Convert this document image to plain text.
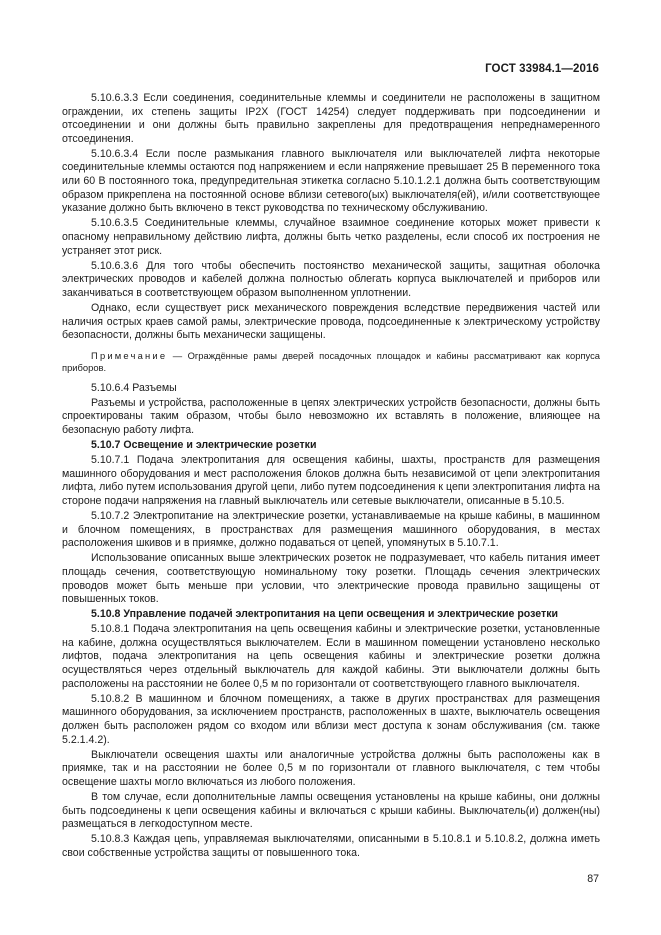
ГОСТ 33984.1—2016

5.10.6.3.3 Если соединения, соединительные клеммы и соединители не расположены в защитном ограждении, их степень защиты IP2X (ГОСТ 14254) следует поддерживать при подсоединении и отсоединении и они должны быть правильно закреплены для предотвращения непреднамеренного отсоединения.

5.10.6.3.4 Если после размыкания главного выключателя или выключателей лифта некоторые соединительные клеммы остаются под напряжением и если напряжение превышает 25 В переменного тока или 60 В постоянного тока, предупредительная этикетка согласно 5.10.1.2.1 должна быть соответствующим образом прикреплена на постоянной основе вблизи сетевого(ых) выключателя(ей), и/или соответствующее указание должно быть включено в текст руководства по техническому обслуживанию.

5.10.6.3.5 Соединительные клеммы, случайное взаимное соединение которых может привести к опасному неправильному действию лифта, должны быть четко разделены, если способ их построения не устраняет этот риск.

5.10.6.3.6 Для того чтобы обеспечить постоянство механической защиты, защитная оболочка электрических проводов и кабелей должна полностью облегать корпуса выключателей и приборов или заканчиваться в соответствующем образом выполненном уплотнении.

Однако, если существует риск механического повреждения вследствие передвижения частей или наличия острых краев самой рамы, электрические провода, подсоединенные к электрическому устройству безопасности, должны быть механически защищены.

Примечание — Ограждённые рамы дверей посадочных площадок и кабины рассматривают как корпуса приборов.

5.10.6.4 Разъемы

Разъемы и устройства, расположенные в цепях электрических устройств безопасности, должны быть спроектированы таким образом, чтобы было невозможно их вставлять в положение, влияющее на безопасную работу лифта.

5.10.7 Освещение и электрические розетки

5.10.7.1 Подача электропитания для освещения кабины, шахты, пространств для размещения машинного оборудования и мест расположения блоков должна быть независимой от цепи электропитания лифта, либо путем использования другой цепи, либо путем подсоединения к цепи электропитания лифта на стороне подачи напряжения на главный выключатель или сетевые выключатели, описанные в 5.10.5.

5.10.7.2 Электропитание на электрические розетки, устанавливаемые на крыше кабины, в машинном и блочном помещениях, в пространствах для размещения машинного оборудования, в местах расположения шкивов и в приямке, должно подаваться от цепей, упомянутых в 5.10.7.1.

Использование описанных выше электрических розеток не подразумевает, что кабель питания имеет площадь сечения, соответствующую номинальному току розетки. Площадь сечения электрических проводов может быть меньше при условии, что электрические провода правильно защищены от повышенных токов.

5.10.8 Управление подачей электропитания на цепи освещения и электрические розетки

5.10.8.1 Подача электропитания на цепь освещения кабины и электрические розетки, установленные на кабине, должна осуществляться выключателем. Если в машинном помещении установлено несколько лифтов, подача электропитания на цепь освещения кабины и электрические розетки должна осуществляться через отдельный выключатель для каждой кабины. Эти выключатели должны быть расположены на расстоянии не более 0,5 м по горизонтали от соответствующего главного выключателя.

5.10.8.2 В машинном и блочном помещениях, а также в других пространствах для размещения машинного оборудования, за исключением пространств, расположенных в шахте, выключатель освещения должен быть расположен рядом со входом или вблизи мест доступа к зонам обслуживания (см. также 5.2.1.4.2).

Выключатели освещения шахты или аналогичные устройства должны быть расположены как в приямке, так и на расстоянии не более 0,5 м по горизонтали от главного выключателя, с тем чтобы освещение шахты могло включаться из любого положения.

В том случае, если дополнительные лампы освещения установлены на крыше кабины, они должны быть подсоединены к цепи освещения кабины и включаться с крыши кабины. Выключатель(и) должен(ны) размещаться в легкодоступном месте.

5.10.8.3 Каждая цепь, управляемая выключателями, описанными в 5.10.8.1 и 5.10.8.2, должна иметь свои собственные устройства защиты от повышенного тока.

87
